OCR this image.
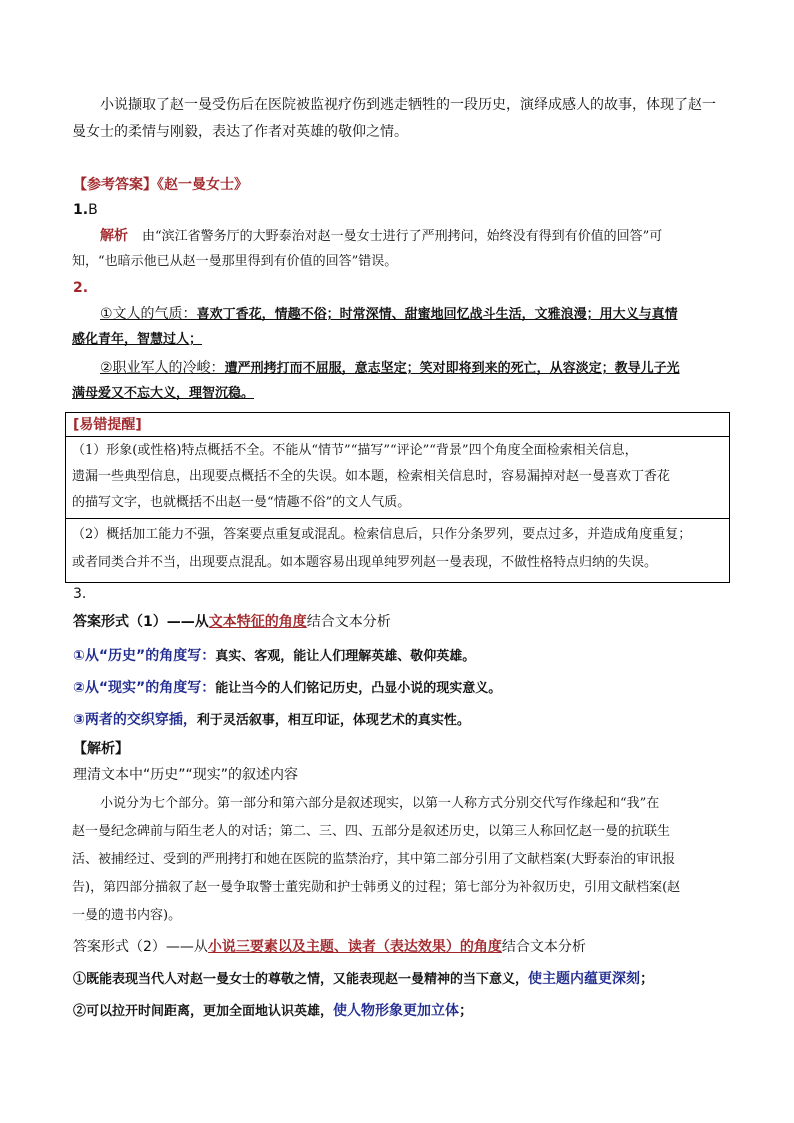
小说撷取了赵一曼受伤后在医院被监视疗伤到逃走牺牲的一段历史，演绎成感人的故事，体现了赵一
曼女士的柔情与刚毅，表达了作者对英雄的敬仰之情。
【参考答案】《赵一曼女士》
1.B
解析 由“滨江省警务厅的大野泰治对赵一曼女士进行了严刑拷问，始终没有得到有价值的回答”可
知，“也暗示他已从赵一曼那里得到有价值的回答”错误。
2.
①文人的气质：喜欢丁香花，情趣不俗；时常深情、甜蜜地回忆战斗生活，文雅浪漫；用大义与真情
感化青年，智慧过人；
②职业军人的冷峻：遭严刑拷打而不屈服，意志坚定；笑对即将到来的死亡，从容淡定；教导儿子光
满母爱又不忘大义，理智沉稳。
[易错提醒]
（1）形象(或性格)特点概括不全。不能从“情节”“描写”“评论”“背景”四个角度全面检索相关信息，
遗漏一些典型信息，出现要点概括不全的失误。如本题，检索相关信息时，容易漏掉对赵一曼喜欢丁香花
的描写文字，也就概括不出赵一曼“情趣不俗”的文人气质。
（2）概括加工能力不强，答案要点重复或混乱。检索信息后，只作分条罗列，要点过多，并造成角度重复；
或者同类合并不当，出现要点混乱。如本题容易出现单纯罗列赵一曼表现，不做性格特点归纳的失误。
3.
答案形式（1）——从文本特征的角度结合文本分析
①从“历史”的角度写：真实、客观，能让人们理解英雄、敬仰英雄。
②从“现实”的角度写：能让当今的人们铭记历史，凸显小说的现实意义。
③两者的交织穿插，利于灵活叙事，相互印证，体现艺术的真实性。
【解析】
理清文本中“历史”“现实”的叙述内容
小说分为七个部分。第一部分和第六部分是叙述现实，以第一人称方式分别交代写作缘起和“我”在
赵一曼纪念碑前与陌生老人的对话；第二、三、四、五部分是叙述历史，以第三人称回忆赵一曼的抗联生
活、被捕经过、受到的严刑拷打和她在医院的监禁治疗，其中第二部分引用了文献档案(大野泰治的审讯报
告)，第四部分描叙了赵一曼争取警士董宪勋和护士韩勇义的过程；第七部分为补叙历史，引用文献档案(赵
一曼的遗书内容)。
答案形式（2）——从小说三要素以及主题、读者（表达效果）的角度结合文本分析
①既能表现当代人对赵一曼女士的尊敬之情，又能表现赵一曼精神的当下意义，使主题内蕴更深刻；
②可以拉开时间距离，更加全面地认识英雄，使人物形象更加立体；
